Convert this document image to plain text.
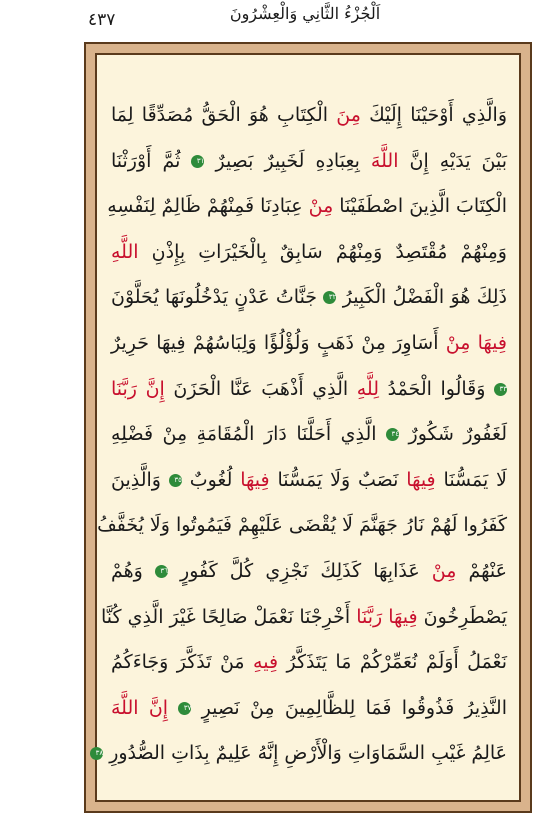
٤٣٧	اَلْجُزْءُ الثَّانِي وَالْعِشْرُونَ
وَالَّذِي أَوْحَيْنَا إِلَيْكَ مِنَ الْكِتَابِ هُوَ الْحَقُّ مُصَدِّقًا لِمَا
بَيْنَ يَدَيْهِ إِنَّ اللَّهَ بِعِبَادِهِ لَخَبِيرٌ بَصِيرٌ ٣١ ثُمَّ أَوْرَثْنَا
الْكِتَابَ الَّذِينَ اصْطَفَيْنَا مِنْ عِبَادِنَا فَمِنْهُمْ ظَالِمٌ لِنَفْسِهِ
وَمِنْهُمْ مُقْتَصِدٌ وَمِنْهُمْ سَابِقٌ بِالْخَيْرَاتِ بِإِذْنِ اللَّهِ
ذَلِكَ هُوَ الْفَضْلُ الْكَبِيرُ ٣٢ جَنَّاتُ عَدْنٍ يَدْخُلُونَهَا يُحَلَّوْنَ
فِيهَا مِنْ أَسَاوِرَ مِنْ ذَهَبٍ وَلُؤْلُؤًا وَلِبَاسُهُمْ فِيهَا حَرِيرٌ
٣٣ وَقَالُوا الْحَمْدُ لِلَّهِ الَّذِي أَذْهَبَ عَنَّا الْحَزَنَ إِنَّ رَبَّنَا
لَغَفُورٌ شَكُورٌ ٣٤ الَّذِي أَحَلَّنَا دَارَ الْمُقَامَةِ مِنْ فَضْلِهِ
لَا يَمَسُّنَا فِيهَا نَصَبٌ وَلَا يَمَسُّنَا فِيهَا لُغُوبٌ ٣٥ وَالَّذِينَ
كَفَرُوا لَهُمْ نَارُ جَهَنَّمَ لَا يُقْضَى عَلَيْهِمْ فَيَمُوتُوا وَلَا يُخَفَّفُ
عَنْهُمْ مِنْ عَذَابِهَا كَذَلِكَ نَجْزِي كُلَّ كَفُورٍ ٣٦ وَهُمْ
يَصْطَرِخُونَ فِيهَا رَبَّنَا أَخْرِجْنَا نَعْمَلْ صَالِحًا غَيْرَ الَّذِي كُنَّا
نَعْمَلُ أَوَلَمْ نُعَمِّرْكُمْ مَا يَتَذَكَّرُ فِيهِ مَنْ تَذَكَّرَ وَجَاءَكُمُ
النَّذِيرُ فَذُوقُوا فَمَا لِلظَّالِمِينَ مِنْ نَصِيرٍ ٣٧ إِنَّ اللَّهَ
عَالِمُ غَيْبِ السَّمَاوَاتِ وَالْأَرْضِ إِنَّهُ عَلِيمٌ بِذَاتِ الصُّدُورِ ٣٨
